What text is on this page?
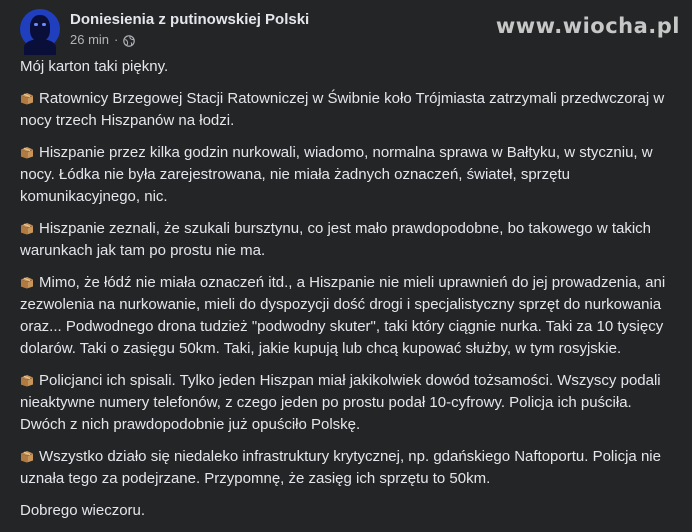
Doniesienia z putinowskiej Polski
26 min ·
www.wiocha.pl

Mój karton taki piękny.

Ratownicy Brzegowej Stacji Ratowniczej w Świbnie koło Trójmiasta zatrzymali przedwczoraj w nocy trzech Hiszpanów na łodzi.

Hiszpanie przez kilka godzin nurkowali, wiadomo, normalna sprawa w Bałtyku, w styczniu, w nocy. Łódka nie była zarejestrowana, nie miała żadnych oznaczeń, świateł, sprzętu komunikacyjnego, nic.

Hiszpanie zeznali, że szukali bursztynu, co jest mało prawdopodobne, bo takowego w takich warunkach jak tam po prostu nie ma.

Mimo, że łódź nie miała oznaczeń itd., a Hiszpanie nie mieli uprawnień do jej prowadzenia, ani zezwolenia na nurkowanie, mieli do dyspozycji dość drogi i specjalistyczny sprzęt do nurkowania oraz... Podwodnego drona tudzież "podwodny skuter", taki który ciągnie nurka. Taki za 10 tysięcy dolarów. Taki o zasięgu 50km. Taki, jakie kupują lub chcą kupować służby, w tym rosyjskie.

Policjanci ich spisali. Tylko jeden Hiszpan miał jakikolwiek dowód tożsamości. Wszyscy podali nieaktywne numery telefonów, z czego jeden po prostu podał 10-cyfrowy. Policja ich puściła. Dwóch z nich prawdopodobnie już opuściło Polskę.

Wszystko działo się niedaleko infrastruktury krytycznej, np. gdańskiego Naftoportu. Policja nie uznała tego za podejrzane. Przypomnę, że zasięg ich sprzętu to 50km.

Dobrego wieczoru.
